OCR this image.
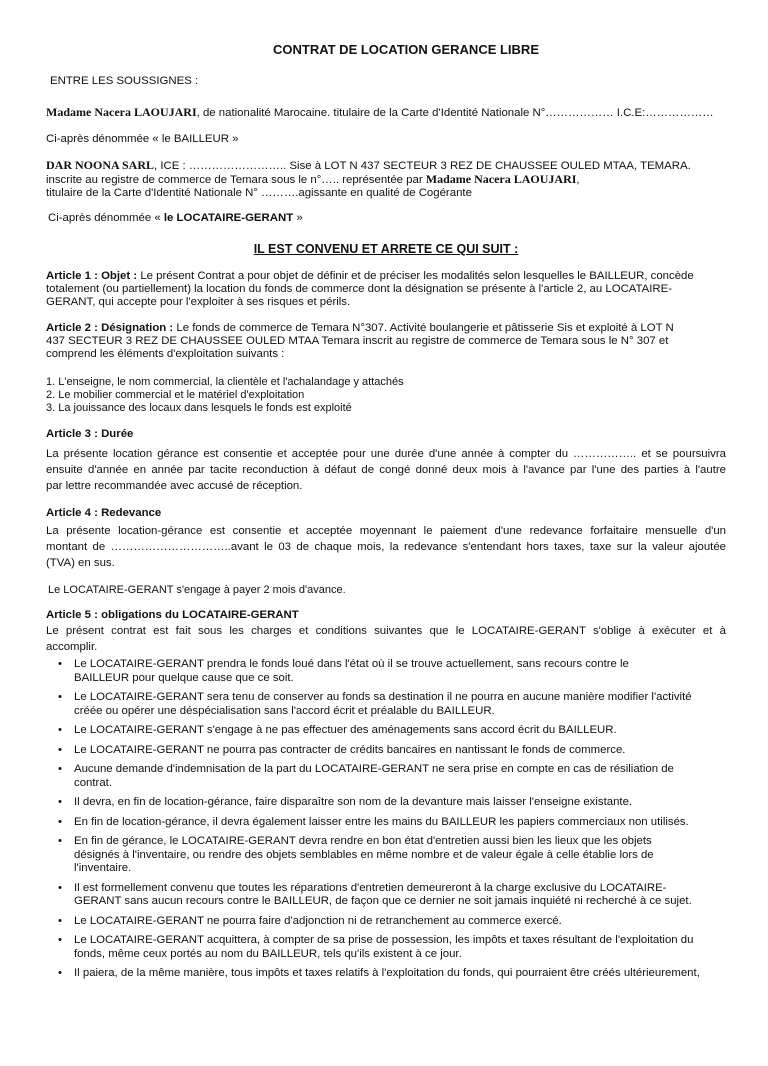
CONTRAT DE LOCATION GERANCE LIBRE
ENTRE LES SOUSSIGNES :
Madame Nacera LAOUJARI, de nationalité Marocaine. titulaire de la Carte d'Identité Nationale N°……………… I.C.E:………………
Ci-après dénommée « le BAILLEUR »
DAR NOONA SARL, ICE : …………………….. Sise à LOT N 437 SECTEUR 3 REZ DE CHAUSSEE OULED MTAA, TEMARA.
inscrite au registre de commerce de Temara sous le n°….. représentée par Madame Nacera LAOUJARI,
titulaire de la Carte d'Identité Nationale N° ……….agissante en qualité de Cogérante
Ci-après dénommée « le LOCATAIRE-GERANT »
IL EST CONVENU ET ARRETE CE QUI SUIT :
Article 1 : Objet : Le présent Contrat a pour objet de définir et de préciser les modalités selon lesquelles le BAILLEUR, concède
totalement (ou partiellement) la location du fonds de commerce dont la désignation se présente à l'article 2, au LOCATAIRE-
GERANT, qui accepte pour l'exploiter à ses risques et périls.
Article 2 : Désignation : Le fonds de commerce de Temara N°307. Activité boulangerie et pâtisserie Sis et exploité à LOT N
437 SECTEUR 3 REZ DE CHAUSSEE OULED MTAA Temara inscrit au registre de commerce de Temara sous le N° 307 et
comprend les éléments d'exploitation suivants :
1. L'enseigne, le nom commercial, la clientèle et l'achalandage y attachés
2. Le mobilier commercial et le matériel d'exploitation
3. La jouissance des locaux dans lesquels le fonds est exploité
Article 3 : Durée
La présente location gérance est consentie et acceptée pour une durée d'une année à compter du …………….. et se poursuivra
ensuite d'année en année par tacite reconduction à défaut de congé donné deux mois à l'avance par l'une des parties à l'autre
par lettre recommandée avec accusé de réception.
Article 4 : Redevance
La présente location-gérance est consentie et acceptée moyennant le paiement d'une redevance forfaitaire mensuelle d'un
montant de …………………………..avant le 03 de chaque mois, la redevance s'entendant hors taxes, taxe sur la valeur ajoutée
(TVA) en sus.
Le LOCATAIRE-GERANT s'engage à payer 2 mois d'avance.
Article 5 : obligations du LOCATAIRE-GERANT
Le présent contrat est fait sous les charges et conditions suivantes que le LOCATAIRE-GERANT s'oblige à exécuter et à
accomplir.
• Le LOCATAIRE-GERANT prendra le fonds loué dans l'état où il se trouve actuellement, sans recours contre le
BAILLEUR pour quelque cause que ce soit.
• Le LOCATAIRE-GERANT sera tenu de conserver au fonds sa destination il ne pourra en aucune manière modifier l'activité
créée ou opérer une déspécialisation sans l'accord écrit et préalable du BAILLEUR.
• Le LOCATAIRE-GERANT s'engage à ne pas effectuer des aménagements sans accord écrit du BAILLEUR.
• Le LOCATAIRE-GERANT ne pourra pas contracter de crédits bancaires en nantissant le fonds de commerce.
• Aucune demande d'indemnisation de la part du LOCATAIRE-GERANT ne sera prise en compte en cas de résiliation de
contrat.
• Il devra, en fin de location-gérance, faire disparaître son nom de la devanture mais laisser l'enseigne existante.
• En fin de location-gérance, il devra également laisser entre les mains du BAILLEUR les papiers commerciaux non utilisés.
• En fin de gérance, le LOCATAIRE-GERANT devra rendre en bon état d'entretien aussi bien les lieux que les objets
désignés à l'inventaire, ou rendre des objets semblables en même nombre et de valeur égale à celle établie lors de
l'inventaire.
• Il est formellement convenu que toutes les réparations d'entretien demeureront à la charge exclusive du LOCATAIRE-
GERANT sans aucun recours contre le BAILLEUR, de façon que ce dernier ne soit jamais inquiété ni recherché à ce sujet.
• Le LOCATAIRE-GERANT ne pourra faire d'adjonction ni de retranchement au commerce exercé.
• Le LOCATAIRE-GERANT acquittera, à compter de sa prise de possession, les impôts et taxes résultant de l'exploitation du
fonds, même ceux portés au nom du BAILLEUR, tels qu'ils existent à ce jour.
• Il paiera, de la même manière, tous impôts et taxes relatifs à l'exploitation du fonds, qui pourraient être créés ultérieurement,
